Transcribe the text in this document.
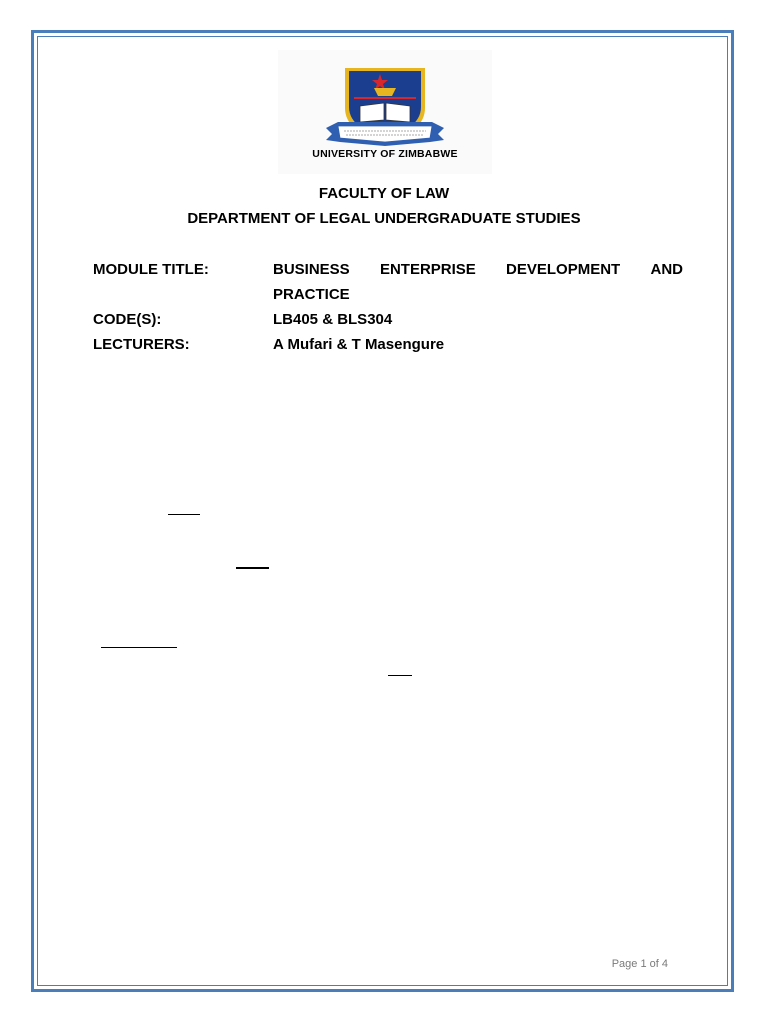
UNIVERSITY OF ZIMBABWE
FACULTY OF LAW
DEPARTMENT OF LEGAL UNDERGRADUATE STUDIES
MODULE TITLE:	BUSINESS ENTERPRISE DEVELOPMENT AND
PRACTICE
CODE(S):	LB405 & BLS304
LECTURERS:	A Mufari & T Masengure
Page 1 of 4
